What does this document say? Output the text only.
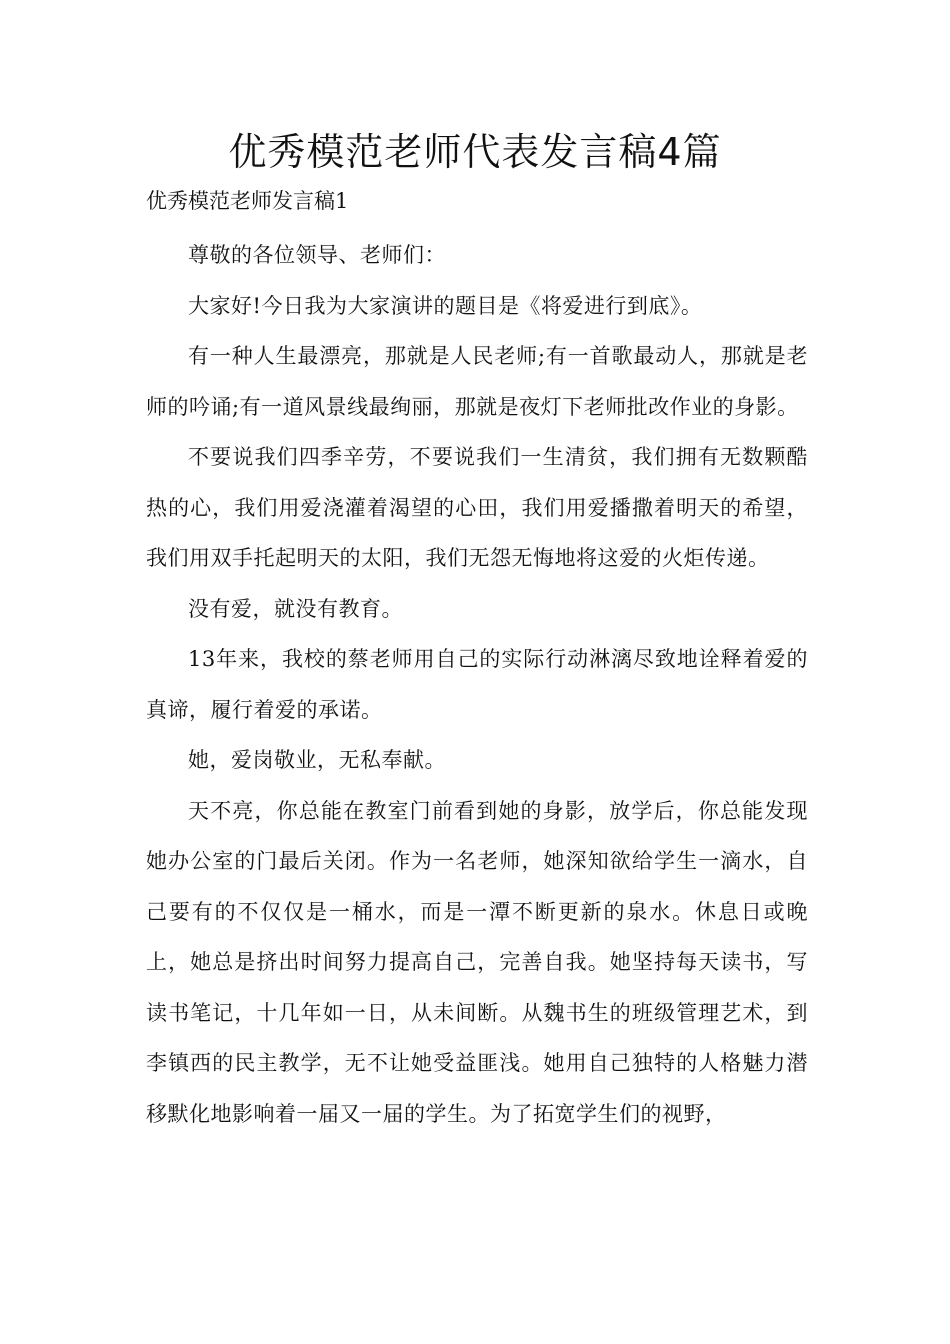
优秀模范老师代表发言稿4篇

优秀模范老师发言稿1

尊敬的各位领导、老师们：

大家好!今日我为大家演讲的题目是《将爱进行到底》。

有一种人生最漂亮，那就是人民老师;有一首歌最动人，那就是老师的吟诵;有一道风景线最绚丽，那就是夜灯下老师批改作业的身影。

不要说我们四季辛劳，不要说我们一生清贫，我们拥有无数颗酷热的心，我们用爱浇灌着渴望的心田，我们用爱播撒着明天的希望，我们用双手托起明天的太阳，我们无怨无悔地将这爱的火炬传递。

没有爱，就没有教育。

13年来，我校的蔡老师用自己的实际行动淋漓尽致地诠释着爱的真谛，履行着爱的承诺。

她，爱岗敬业，无私奉献。

天不亮，你总能在教室门前看到她的身影，放学后，你总能发现她办公室的门最后关闭。作为一名老师，她深知欲给学生一滴水，自己要有的不仅仅是一桶水，而是一潭不断更新的泉水。休息日或晚上，她总是挤出时间努力提高自己，完善自我。她坚持每天读书，写读书笔记，十几年如一日，从未间断。从魏书生的班级管理艺术，到李镇西的民主教学，无不让她受益匪浅。她用自己独特的人格魅力潜移默化地影响着一届又一届的学生。为了拓宽学生们的视野，
